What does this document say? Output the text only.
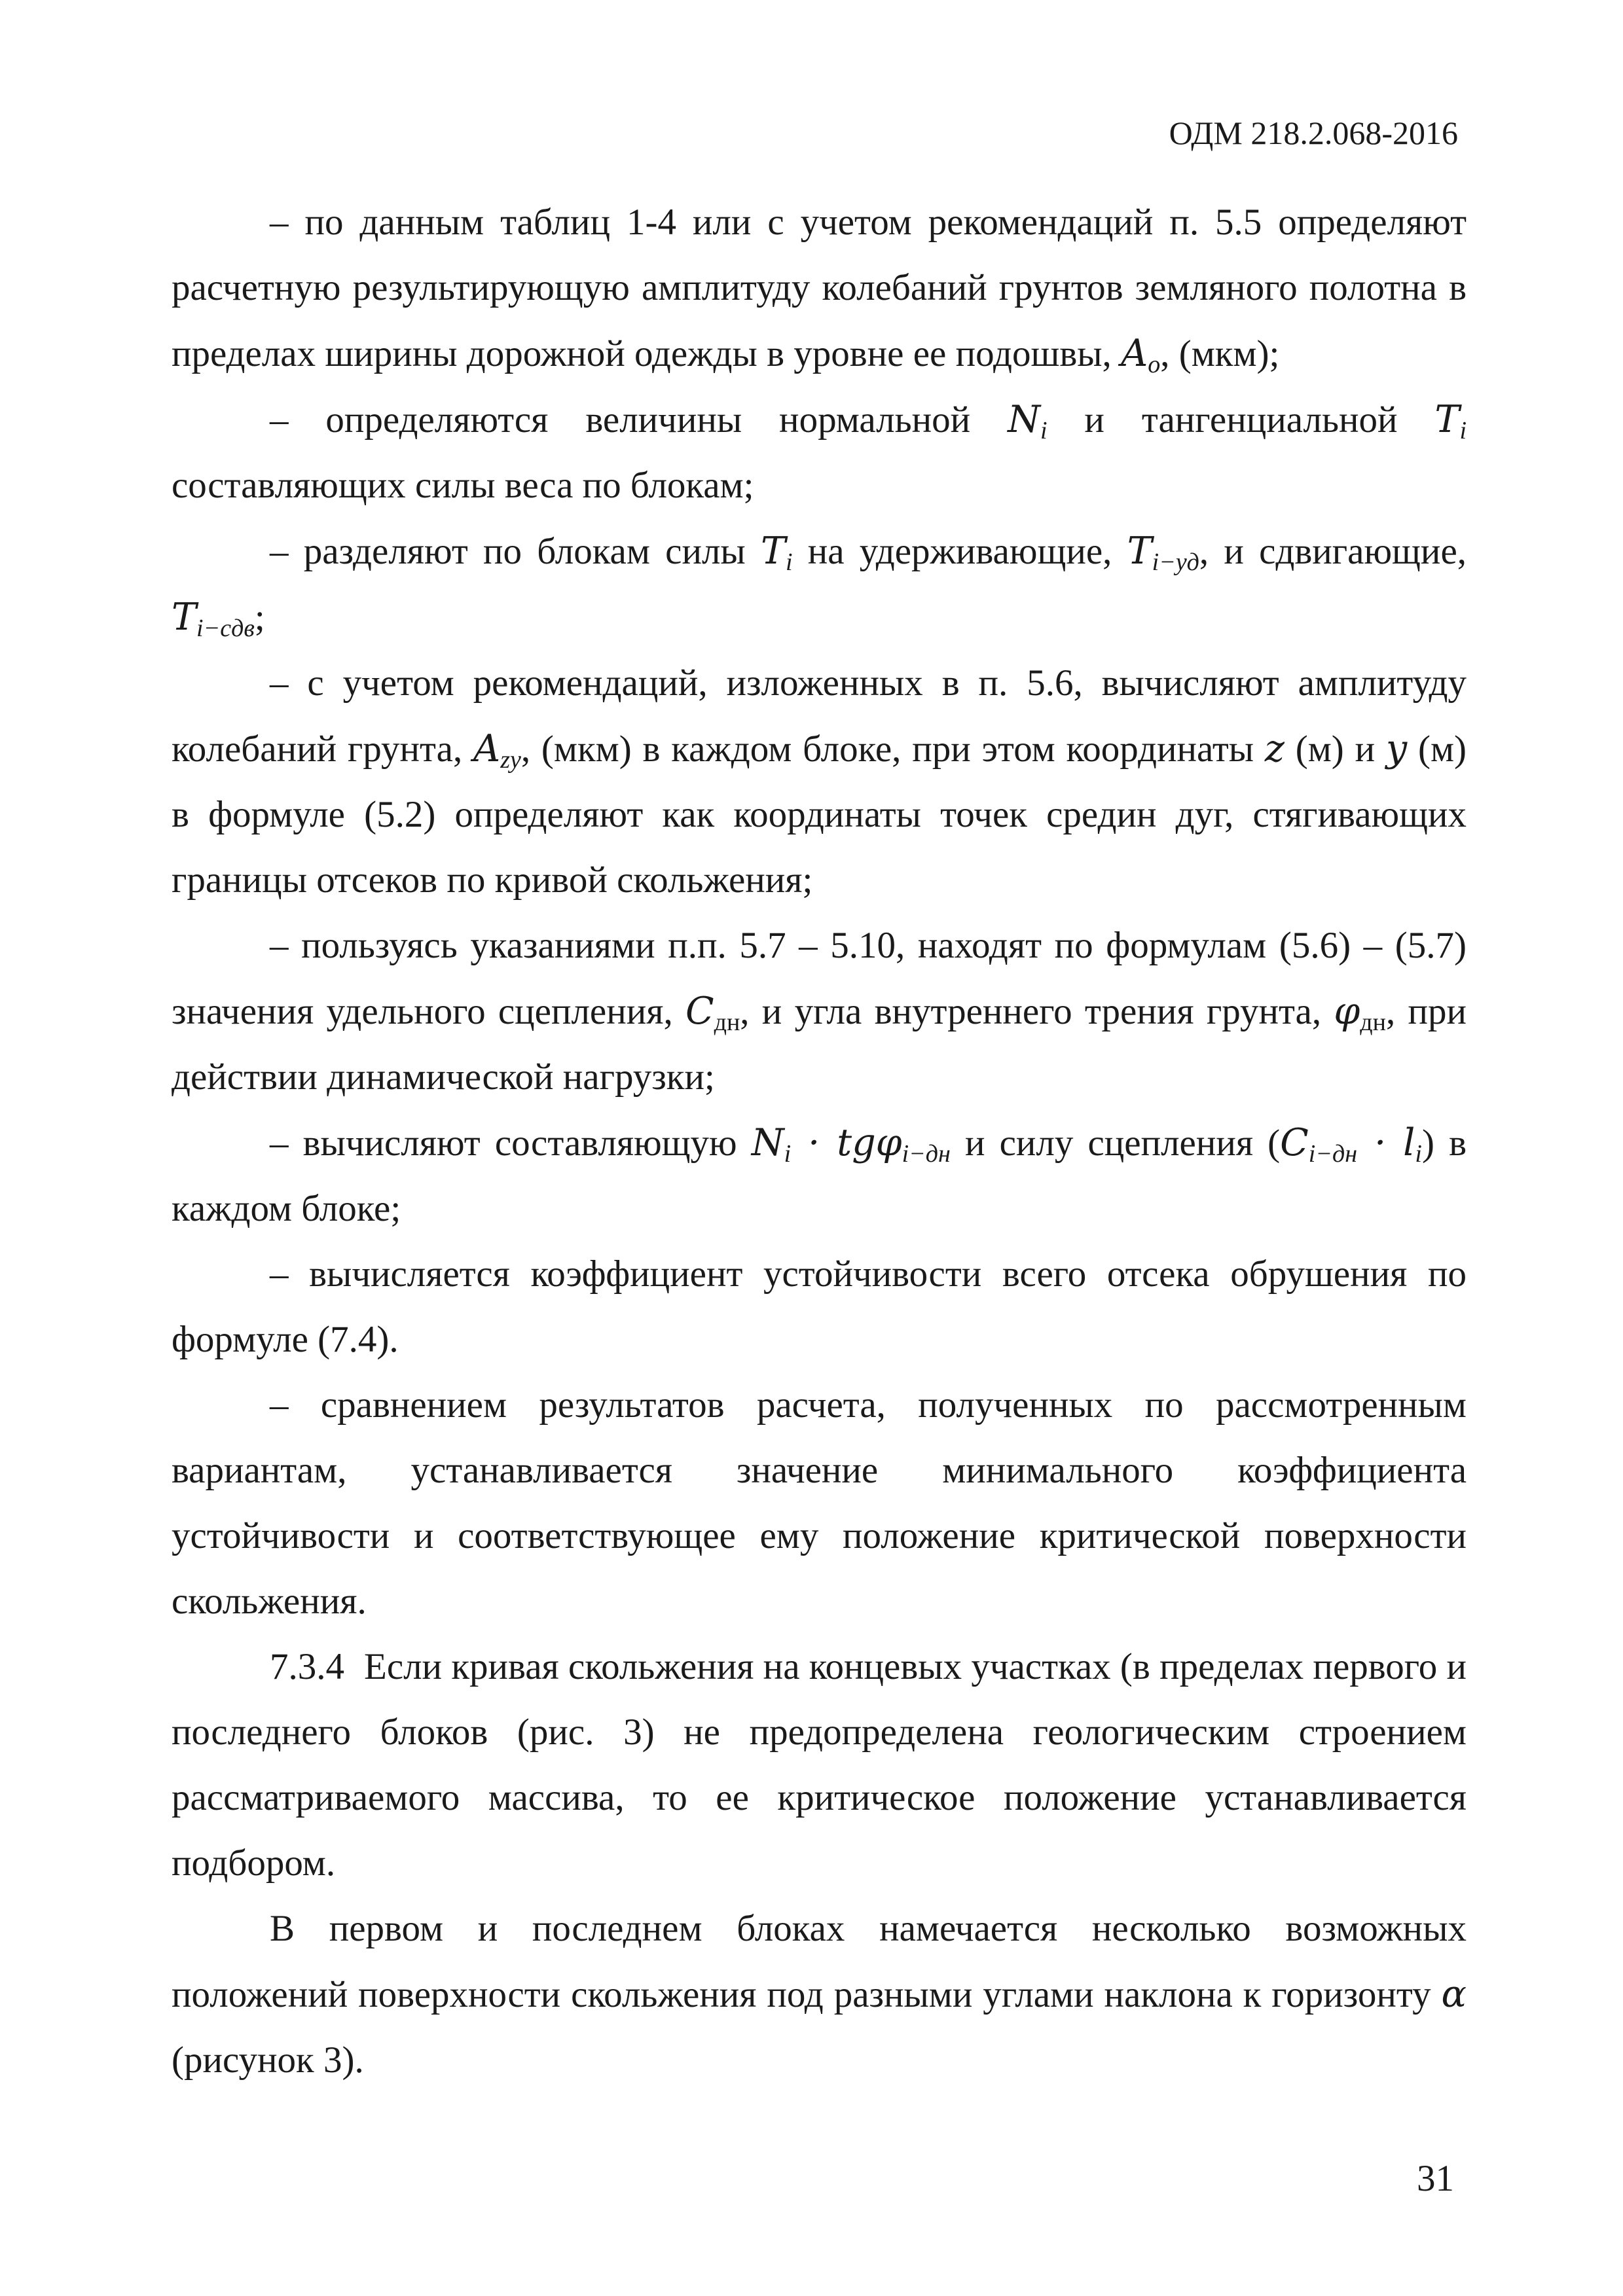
ОДМ 218.2.068-2016

– по данным таблиц 1-4 или с учетом рекомендаций п. 5.5 определяют расчетную результирующую амплитуду колебаний грунтов земляного полотна в пределах ширины дорожной одежды в уровне ее подошвы, $A_o$, (мкм);

– определяются величины нормальной $N_i$ и тангенциальной $T_i$ составляющих силы веса по блокам;

– разделяют по блокам силы $T_i$ на удерживающие, $T_{i-уд}$, и сдвигающие, $T_{i-сдв}$;

– с учетом рекомендаций, изложенных в п. 5.6, вычисляют амплитуду колебаний грунта, $A_{zy}$, (мкм) в каждом блоке, при этом координаты z (м) и y (м) в формуле (5.2) определяют как координаты точек средин дуг, стягивающих границы отсеков по кривой скольжения;

– пользуясь указаниями п.п. 5.7 – 5.10, находят по формулам (5.6) – (5.7) значения удельного сцепления, $C_{дн}$, и угла внутреннего трения грунта, $\varphi_{дн}$, при действии динамической нагрузки;

– вычисляют составляющую $N_i \cdot tg\varphi_{i-дн}$ и силу сцепления $(C_{i-дн} \cdot l_i)$ в каждом блоке;

– вычисляется коэффициент устойчивости всего отсека обрушения по формуле (7.4).

– сравнением результатов расчета, полученных по рассмотренным вариантам, устанавливается значение минимального коэффициента устойчивости и соответствующее ему положение критической поверхности скольжения.

7.3.4 Если кривая скольжения на концевых участках (в пределах первого и последнего блоков (рис. 3) не предопределена геологическим строением рассматриваемого массива, то ее критическое положение устанавливается подбором.

В первом и последнем блоках намечается несколько возможных положений поверхности скольжения под разными углами наклона к горизонту α (рисунок 3).

31
